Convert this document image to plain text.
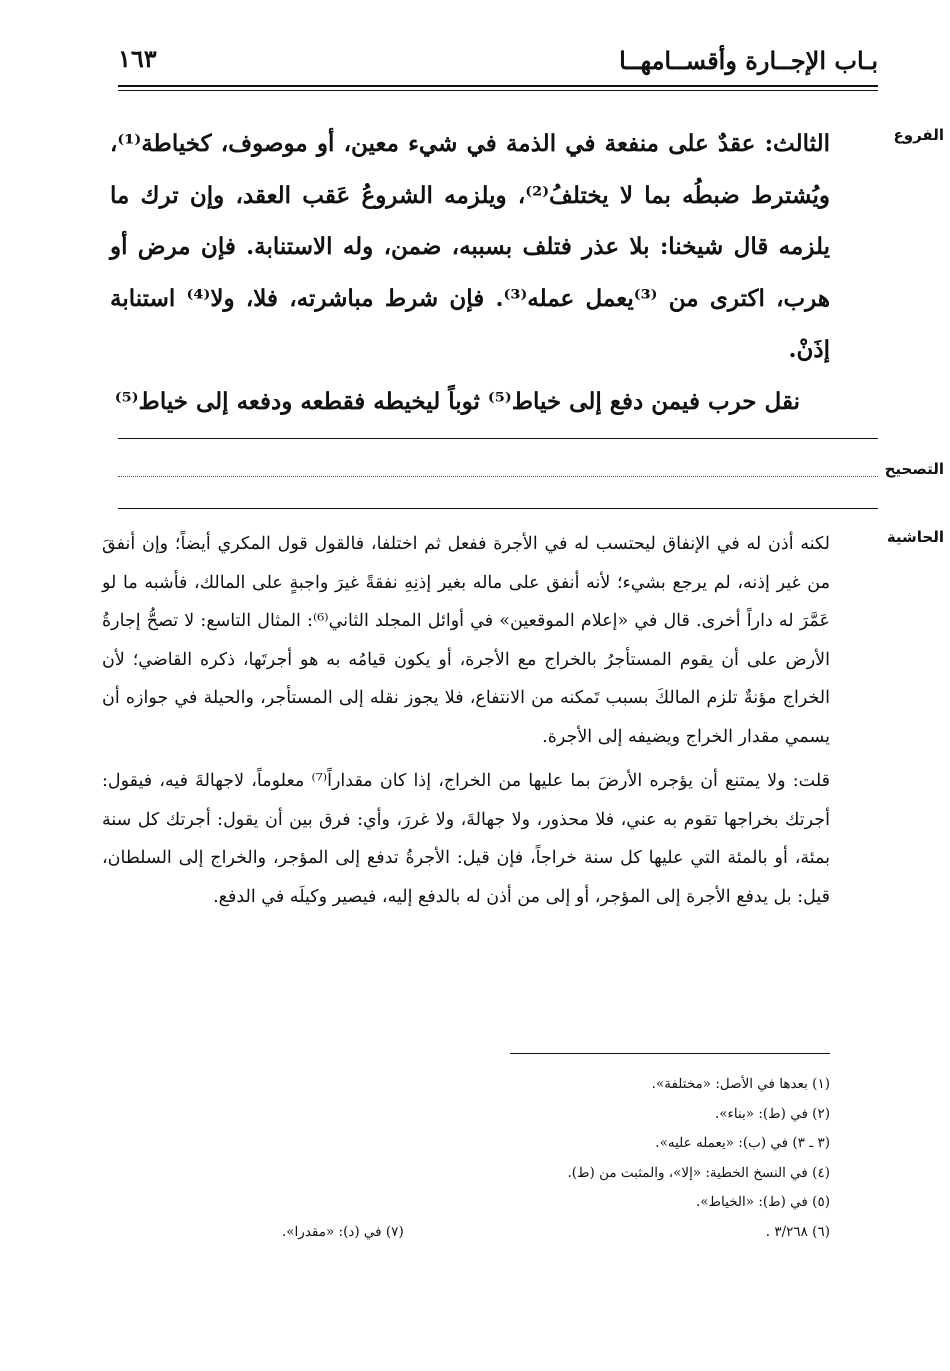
بـاب الإجــارة وأقســامهــا
١٦٣
الفروع
التصحيح
الحاشية

الثالث: عقدٌ على منفعة في الذمة في شيء معين، أو موصوف، كخياطة⁽¹⁾، ويُشترط ضبطُه بما لا يختلفُ⁽²⁾، ويلزمه الشروعُ عَقب العقد، وإن ترك ما يلزمه قال شيخنا: بلا عذر فتلف بسببه، ضمن، وله الاستنابة. فإن مرض أو هرب، اكترى من ⁽³⁾يعمل عمله⁽³⁾. فإن شرط مباشرته، فلا، ولا⁽⁴⁾ استنابة إذَنْ.

نقل حرب فيمن دفع إلى خياط⁽⁵⁾ ثوباً ليخيطه فقطعه ودفعه إلى خياط⁽⁵⁾

لكنه أذن له في الإنفاق ليحتسب له في الأجرة ففعل ثم اختلفا، فالقول قول المكري أيضاً؛ وإن أنفقَ من غير إذنه، لم يرجع بشيء؛ لأنه أنفق على ماله بغير إذنِهِ نفقةً غيرَ واجبةٍ على المالك، فأشبه ما لو عَمَّرَ له داراً أخرى. قال في «إعلام الموقعين» في أوائل المجلد الثاني⁽⁶⁾: المثال التاسع: لا تصحُّ إجارةُ الأرض على أن يقوم المستأجرُ بالخراج مع الأجرة، أو يكون قيامُه به هو أجرتَها، ذكره القاضي؛ لأن الخراج مؤنةٌ تلزم المالكَ بسبب تَمكنه من الانتفاع، فلا يجوز نقله إلى المستأجر، والحيلة في جوازه أن يسمي مقدار الخراج ويضيفه إلى الأجرة.

قلت: ولا يمتنع أن يؤجره الأرضَ بما عليها من الخراج، إذا كان مقداراً⁽⁷⁾ معلوماً، لاجهالةَ فيه، فيقول: أجرتك بخراجها تقوم به عني، فلا محذور، ولا جهالةَ، ولا غررَ، وأي: فرق بين أن يقول: أجرتك كل سنة بمئة، أو بالمئة التي عليها كل سنة خراجاً، فإن قيل: الأجرةُ تدفع إلى المؤجر، والخراج إلى السلطان، قيل: بل يدفع الأجرة إلى المؤجر، أو إلى من أذن له بالدفع إليه، فيصير وكيلَه في الدفع.

(١) بعدها في الأصل: «مختلفة».
(٢) في (ط): «بناء».
(٣ ـ ٣) في (ب): «يعمله عليه».
(٤) في النسخ الخطية: «إلا»، والمثبت من (ط).
(٥) في (ط): «الخياط».
(٦) ٣/٢٦٨ .
(٧) في (د): «مقدرا».
